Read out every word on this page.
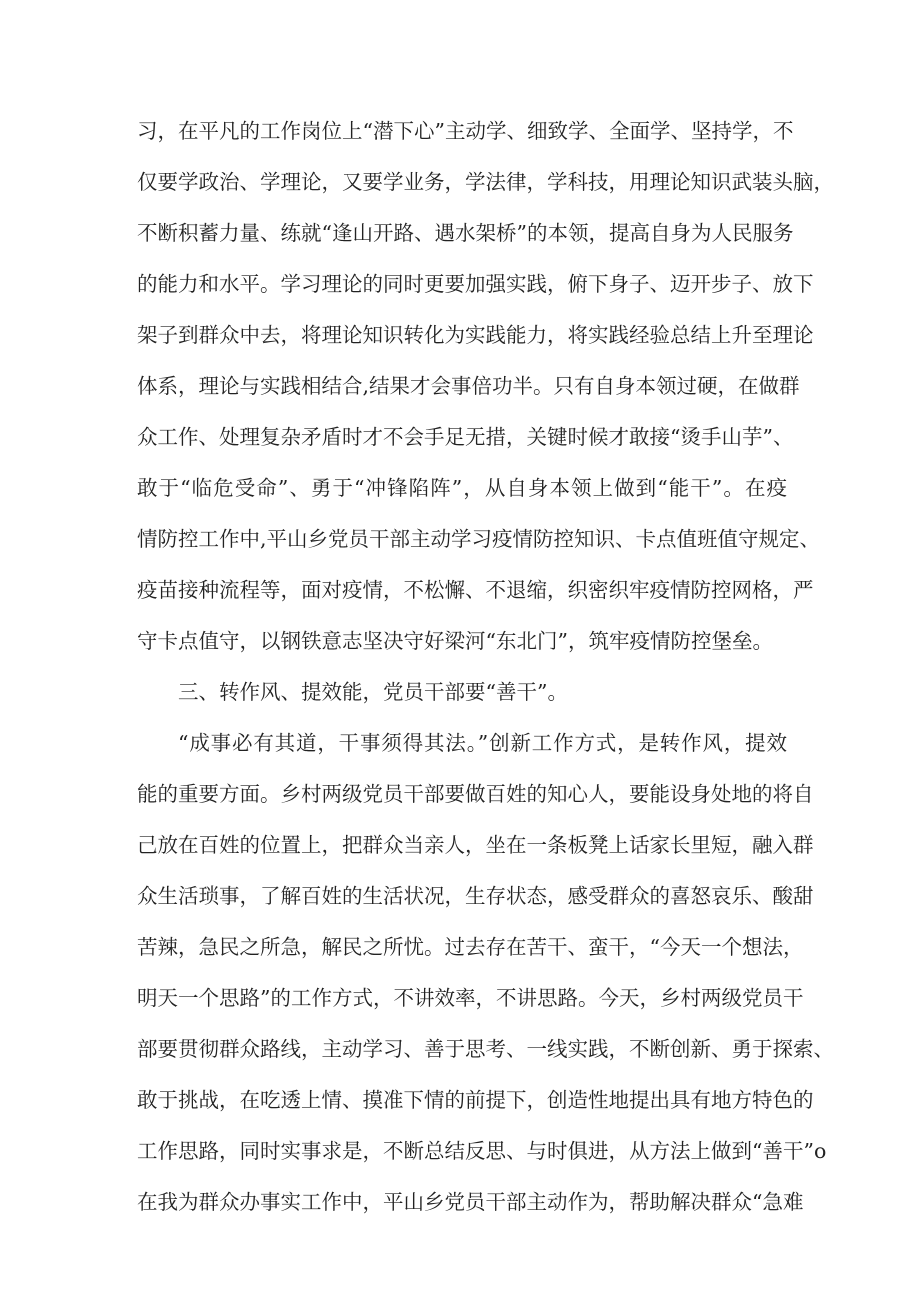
习，在平凡的工作岗位上“潜下心”主动学、细致学、全面学、坚持学，不
仅要学政治、学理论，又要学业务，学法律，学科技，用理论知识武装头脑，
不断积蓄力量、练就“逢山开路、遇水架桥”的本领，提高自身为人民服务
的能力和水平。学习理论的同时更要加强实践，俯下身子、迈开步子、放下
架子到群众中去，将理论知识转化为实践能力，将实践经验总结上升至理论
体系，理论与实践相结合,结果才会事倍功半。只有自身本领过硬，在做群
众工作、处理复杂矛盾时才不会手足无措，关键时候才敢接“烫手山芋”、
敢于“临危受命”、勇于“冲锋陷阵”，从自身本领上做到“能干”。在疫
情防控工作中,平山乡党员干部主动学习疫情防控知识、卡点值班值守规定、
疫苗接种流程等，面对疫情，不松懈、不退缩，织密织牢疫情防控网格，严
守卡点值守，以钢铁意志坚决守好梁河“东北门”，筑牢疫情防控堡垒。
三、转作风、提效能，党员干部要“善干”。
“成事必有其道，干事须得其法。”创新工作方式，是转作风，提效
能的重要方面。乡村两级党员干部要做百姓的知心人，要能设身处地的将自
己放在百姓的位置上，把群众当亲人，坐在一条板凳上话家长里短，融入群
众生活琐事，了解百姓的生活状况，生存状态，感受群众的喜怒哀乐、酸甜
苦辣，急民之所急，解民之所忧。过去存在苦干、蛮干，“今天一个想法，
明天一个思路”的工作方式，不讲效率，不讲思路。今天，乡村两级党员干
部要贯彻群众路线，主动学习、善于思考、一线实践，不断创新、勇于探索、
敢于挑战，在吃透上情、摸准下情的前提下，创造性地提出具有地方特色的
工作思路，同时实事求是，不断总结反思、与时俱进，从方法上做到“善干”o
在我为群众办事实工作中，平山乡党员干部主动作为，帮助解决群众“急难
